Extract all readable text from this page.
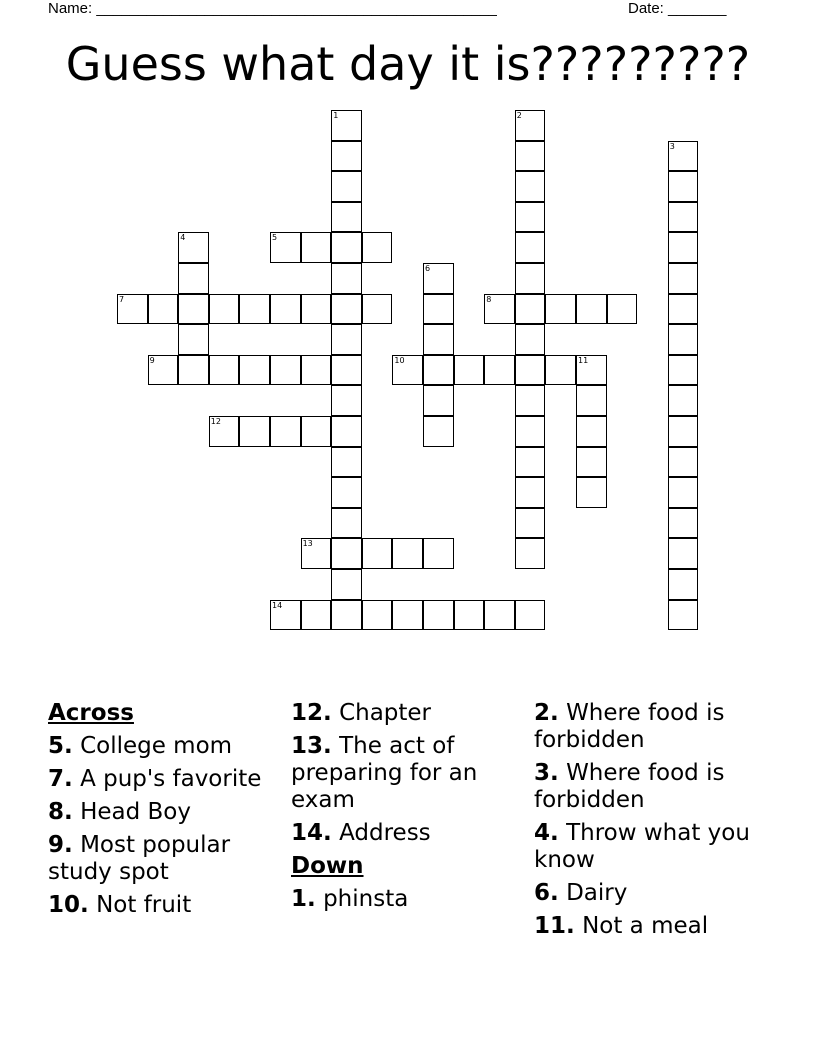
Name: ________________________________________________	Date: _______
Guess what day it is?????????
1	2
3
4	5
6
7	8
9	10	11
12
13
14
Across
5. College mom
7. A pup's favorite
8. Head Boy
9. Most popular study spot
10. Not fruit
12. Chapter
13. The act of preparing for an exam
14. Address
Down
1. phinsta
2. Where food is forbidden
3. Where food is forbidden
4. Throw what you know
6. Dairy
11. Not a meal
